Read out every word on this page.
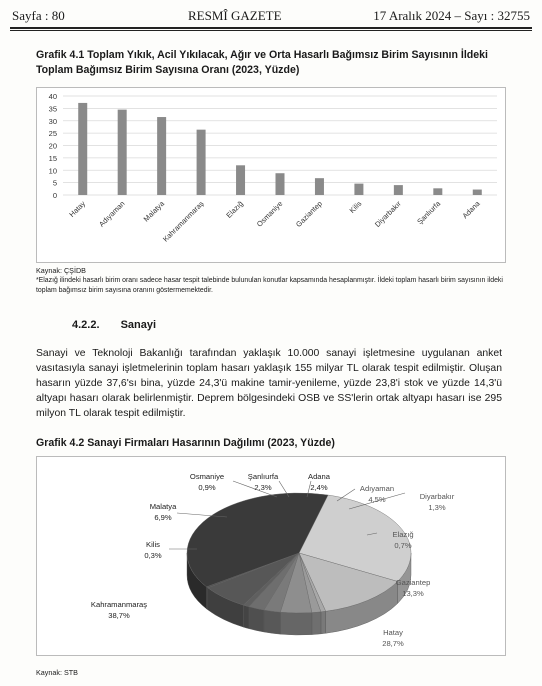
Sayfa : 80	RESMÎ GAZETE	17 Aralık 2024 – Sayı : 32755
Grafik 4.1 Toplam Yıkık, Acil Yıkılacak, Ağır ve Orta Hasarlı Bağımsız Birim Sayısının İldeki Toplam Bağımsız Birim Sayısına Oranı (2023, Yüzde)
0
5
10
15
20
25
30
35
40
Hatay Adıyaman Malatya
Kahramanmaraş	Elazığ Osmaniye Gaziantep	Kilis Diyarbakır Şanlıurfa Adana
Kaynak: ÇŞİDB
*Elazığ ilindeki hasarlı birim oranı sadece hasar tespit talebinde bulunulan konutlar kapsamında hesaplanmıştır. İldeki toplam hasarlı birim sayısının ildeki toplam bağımsız birim sayısına oranını göstermemektedir.
4.2.2. Sanayi
Sanayi ve Teknoloji Bakanlığı tarafından yaklaşık 10.000 sanayi işletmesine uygulanan anket vasıtasıyla sanayi işletmelerinin toplam hasarı yaklaşık 155 milyar TL olarak tespit edilmiştir. Oluşan hasarın yüzde 37,6'sı bina, yüzde 24,3'ü makine tamir-yenileme, yüzde 23,8'i stok ve yüzde 14,3'ü altyapı hasarı olarak belirlenmiştir. Deprem bölgesindeki OSB ve SS'lerin ortak altyapı hasarı ise 295 milyon TL olarak tespit edilmiştir.
Grafik 4.2 Sanayi Firmaları Hasarının Dağılımı (2023, Yüzde)
Hatay
28,7%
Gaziantep
13,3%
Elazığ
0,7%
Diyarbakır
1,3%
Adıyaman
4,5%
Adana
2,4%
Şanlıurfa
2,3%
Osmaniye
0,9%
Malatya
6,9%
Kilis
0,3%
Kahramanmaraş
38,7%
Kaynak: STB
